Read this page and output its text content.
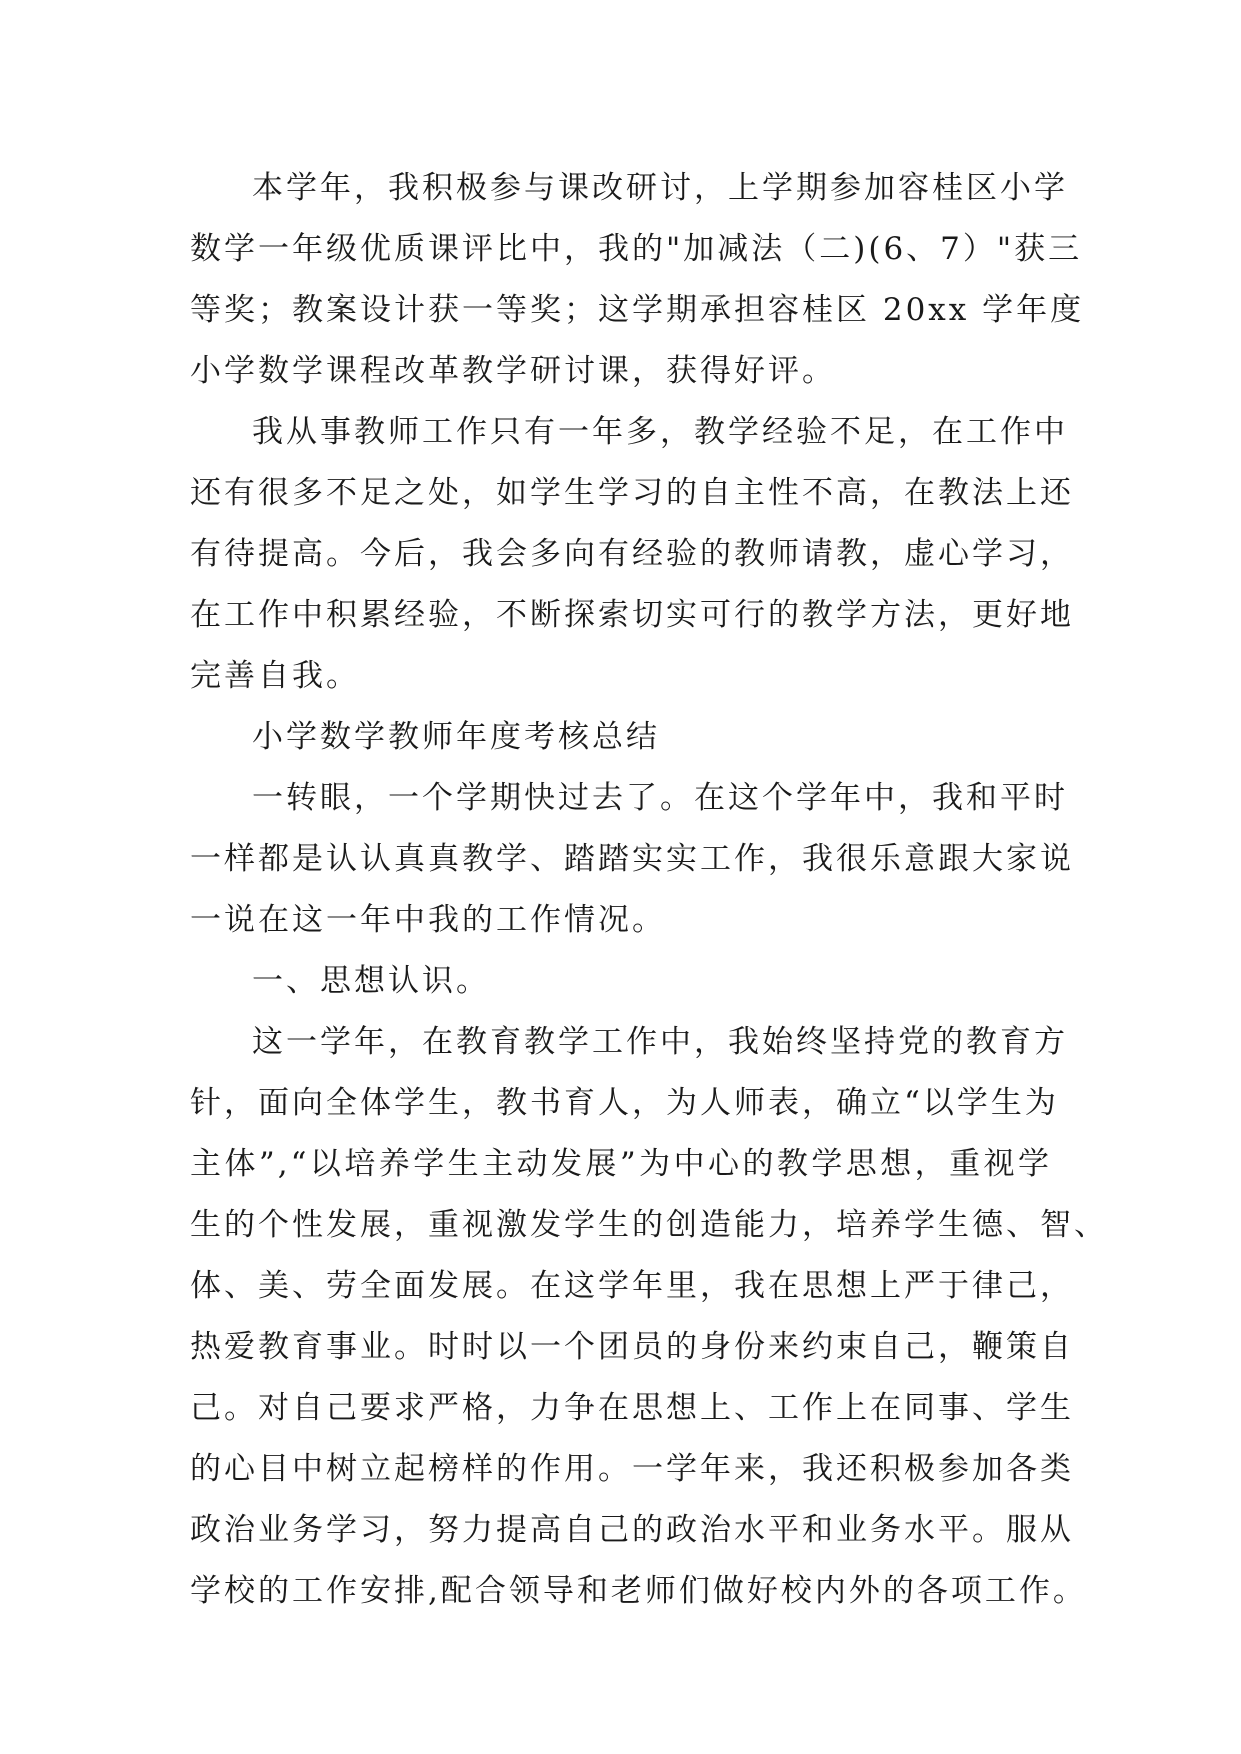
本学年，我积极参与课改研讨，上学期参加容桂区小学
数学一年级优质课评比中，我的"加减法（二)(6、7）"获三
等奖；教案设计获一等奖；这学期承担容桂区 20xx 学年度
小学数学课程改革教学研讨课，获得好评。
我从事教师工作只有一年多，教学经验不足，在工作中
还有很多不足之处，如学生学习的自主性不高，在教法上还
有待提高。今后，我会多向有经验的教师请教，虚心学习，
在工作中积累经验，不断探索切实可行的教学方法，更好地
完善自我。
小学数学教师年度考核总结
一转眼，一个学期快过去了。在这个学年中，我和平时
一样都是认认真真教学、踏踏实实工作，我很乐意跟大家说
一说在这一年中我的工作情况。
一、思想认识。
这一学年，在教育教学工作中，我始终坚持党的教育方
针，面向全体学生，教书育人，为人师表，确立“以学生为
主体”,“以培养学生主动发展”为中心的教学思想，重视学
生的个性发展，重视激发学生的创造能力，培养学生德、智、
体、美、劳全面发展。在这学年里，我在思想上严于律己，
热爱教育事业。时时以一个团员的身份来约束自己，鞭策自
己。对自己要求严格，力争在思想上、工作上在同事、学生
的心目中树立起榜样的作用。一学年来，我还积极参加各类
政治业务学习，努力提高自己的政治水平和业务水平。服从
学校的工作安排,配合领导和老师们做好校内外的各项工作。
